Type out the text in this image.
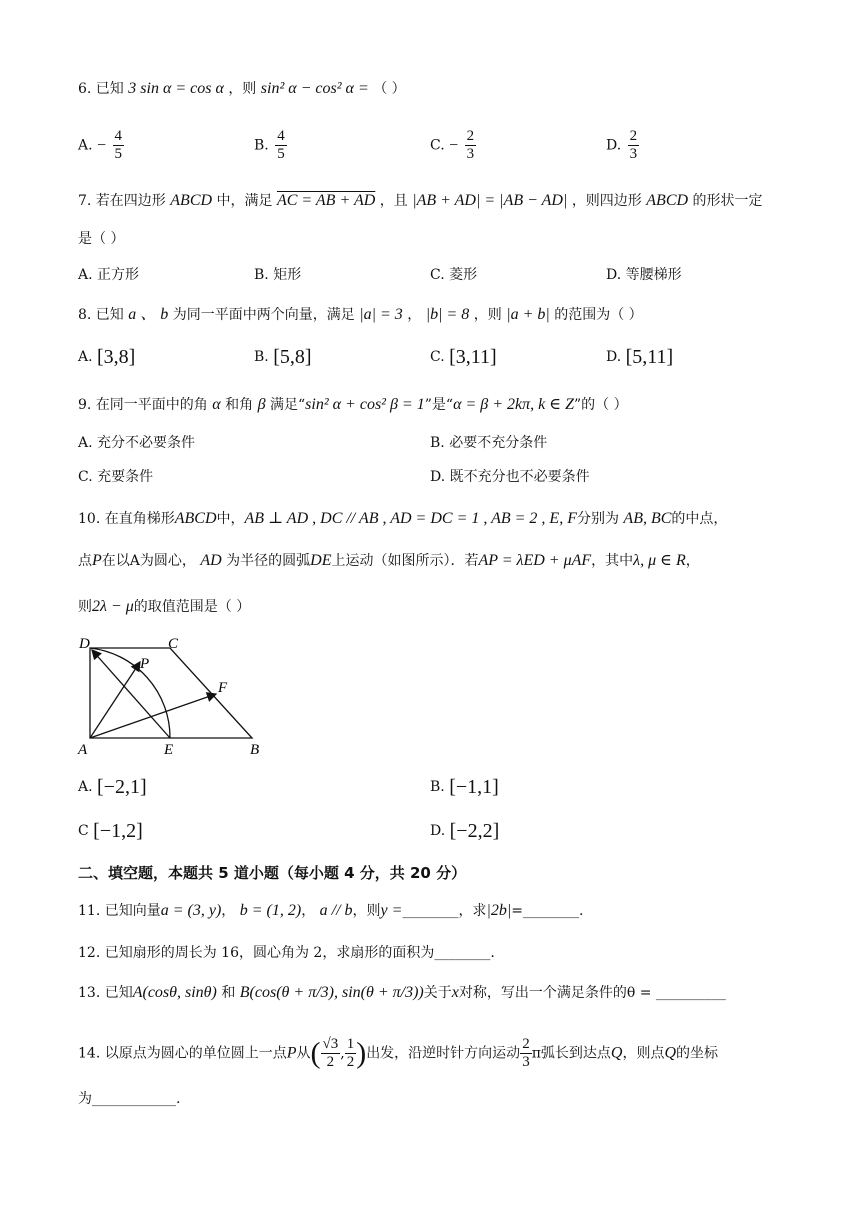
6. 已知 3 sin α = cos α ，则 sin² α − cos² α = （ ）
A. − $\frac{4}{5}$	B. $\frac{4}{5}$	C. − $\frac{2}{3}$	D. $\frac{2}{3}$
7. 若在四边形 ABCD 中，满足 AC = AB + AD ，且 |AB + AD| = |AB − AD| ，则四边形 ABCD 的形状一定
是（ ）
A. 正方形	B. 矩形	C. 菱形	D. 等腰梯形
8. 已知 a 、 b 为同一平面中两个向量，满足 |a| = 3 ， |b| = 8 ，则 |a + b| 的范围为（ ）
A. [3,8]	B. [5,8]	C. [3,11]	D. [5,11]
9. 在同一平面中的角 α 和角 β 满足“sin² α + cos² β = 1”是“α = β + 2kπ, k ∈ Z”的（ ）
A. 充分不必要条件	B. 必要不充分条件
C. 充要条件	D. 既不充分也不必要条件
10. 在直角梯形ABCD中，AB ⊥ AD , DC // AB , AD = DC = 1 , AB = 2 , E, F分别为 AB, BC的中点，
点P在以A为圆心， AD 为半径的圆弧DE上运动（如图所示）．若AP = λED + μAF，其中λ, μ ∈ R，
则2λ − μ的取值范围是（ ）
D	C
P
F
A	E	B
A. [−2,1]	B. [−1,1]
C [−1,2]	D. [−2,2]
二、填空题，本题共 5 道小题（每小题 4 分，共 20 分）
11. 已知向量a = (3, y)， b = (1, 2)， a // b，则y =________，求|2b|=________.
12. 已知扇形的周长为 16，圆心角为 2，求扇形的面积为________.
13. 已知A(cosθ, sinθ) 和 B(cos(θ + π/3), sin(θ + π/3))关于x对称，写出一个满足条件的θ = __________
14. 以原点为圆心的单位圆上一点P从( $\frac{√3}{2}$ , $\frac{1}{2}$ )出发，沿逆时针方向运动 $\frac{2}{3}$ π弧长到达点Q，则点Q的坐标
为____________.
